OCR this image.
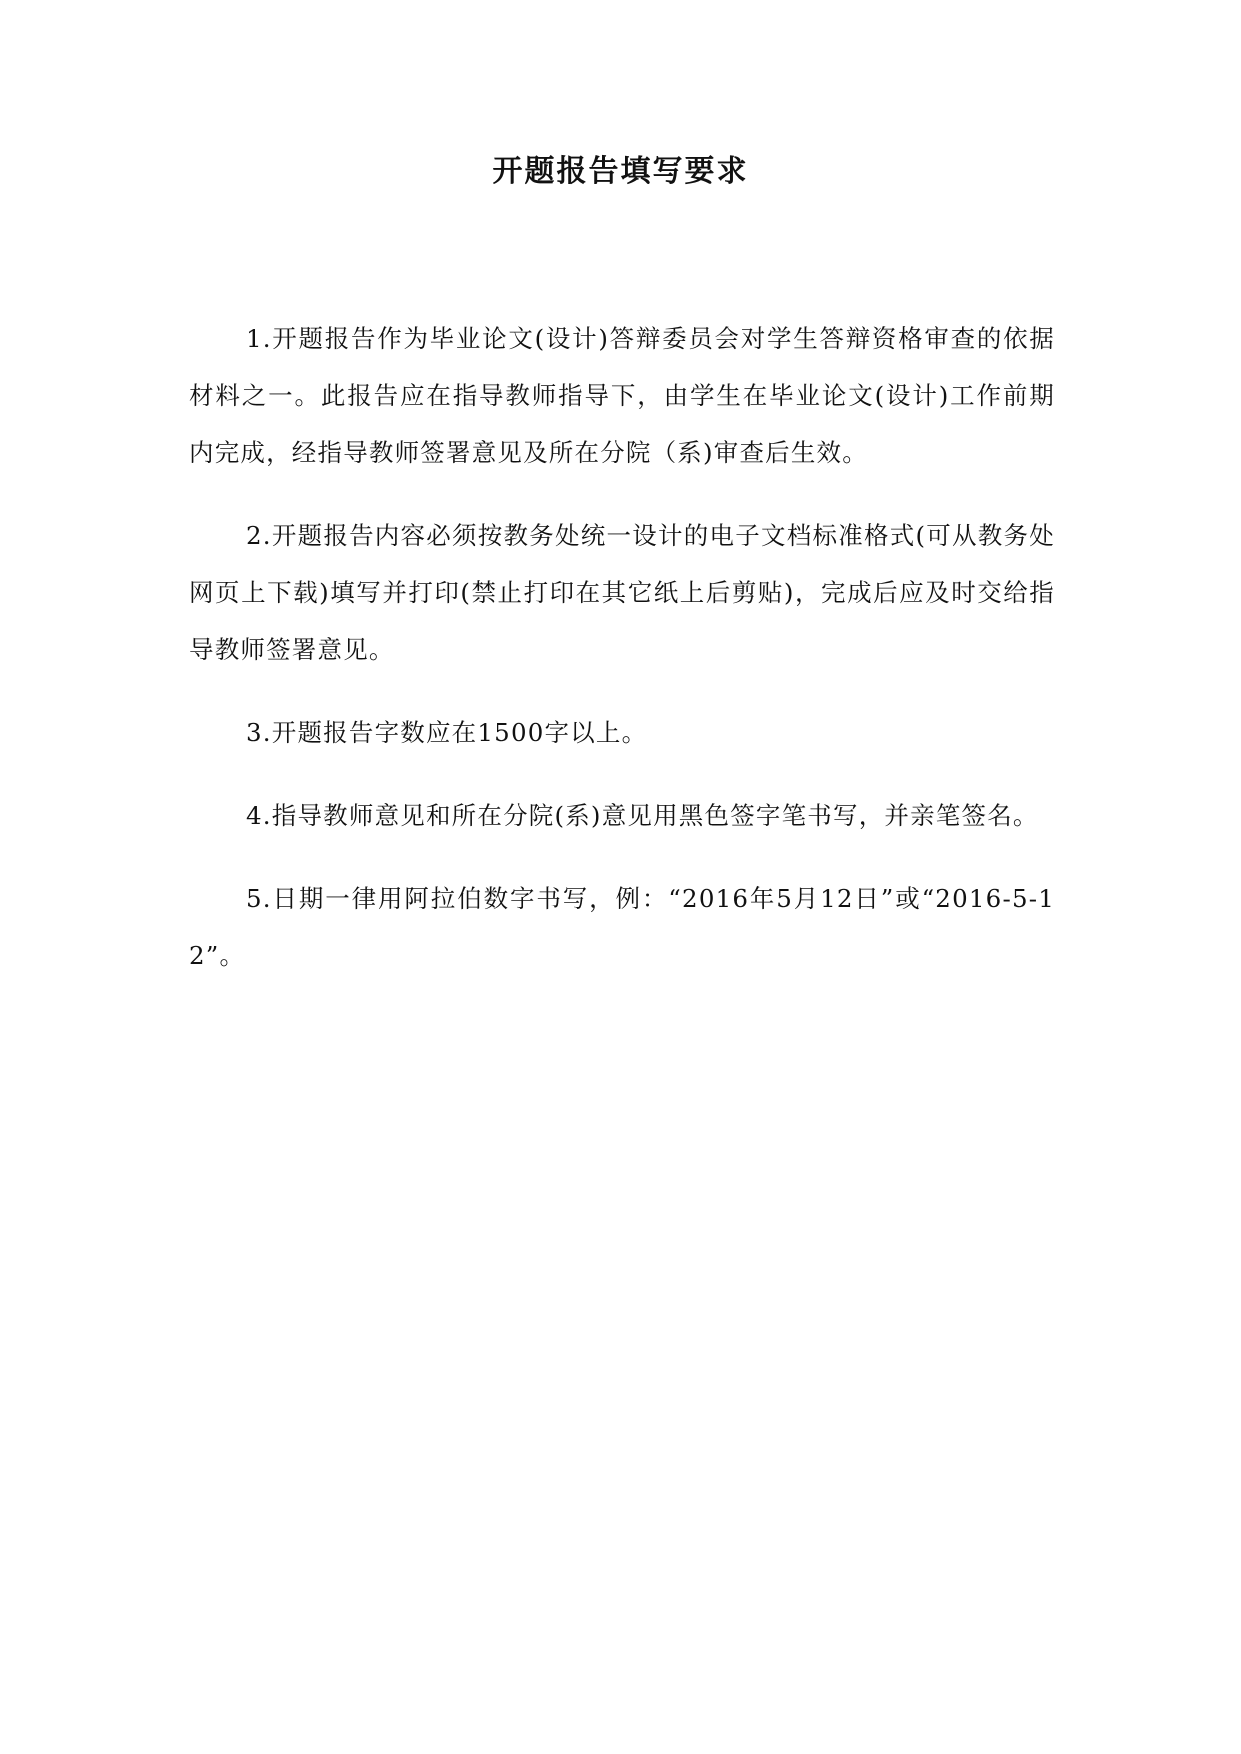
开题报告填写要求

1.开题报告作为毕业论文(设计)答辩委员会对学生答辩资格审查的依据材料之一。此报告应在指导教师指导下，由学生在毕业论文(设计)工作前期内完成，经指导教师签署意见及所在分院（系)审查后生效。

2.开题报告内容必须按教务处统一设计的电子文档标准格式(可从教务处网页上下载)填写并打印(禁止打印在其它纸上后剪贴)，完成后应及时交给指导教师签署意见。

3.开题报告字数应在1500字以上。

4.指导教师意见和所在分院(系)意见用黑色签字笔书写，并亲笔签名。

5.日期一律用阿拉伯数字书写，例：“2016年5月12日”或“2016-5-12”。
